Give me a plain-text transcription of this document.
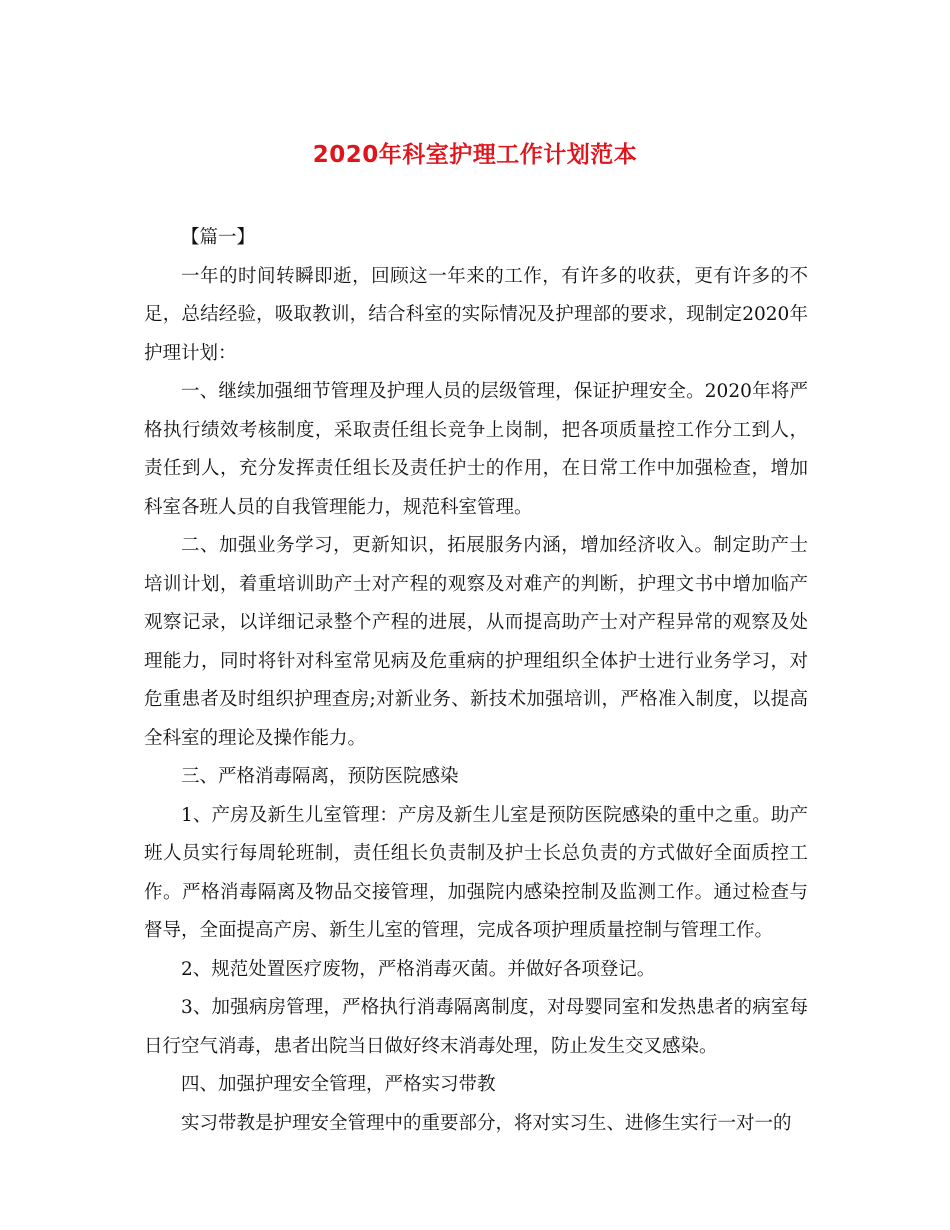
2020年科室护理工作计划范本

【篇一】

一年的时间转瞬即逝，回顾这一年来的工作，有许多的收获，更有许多的不足，总结经验，吸取教训，结合科室的实际情况及护理部的要求，现制定2020年护理计划：

一、继续加强细节管理及护理人员的层级管理，保证护理安全。2020年将严格执行绩效考核制度，采取责任组长竞争上岗制，把各项质量控工作分工到人，责任到人，充分发挥责任组长及责任护士的作用，在日常工作中加强检查，增加科室各班人员的自我管理能力，规范科室管理。

二、加强业务学习，更新知识，拓展服务内涵，增加经济收入。制定助产士培训计划，着重培训助产士对产程的观察及对难产的判断，护理文书中增加临产观察记录，以详细记录整个产程的进展，从而提高助产士对产程异常的观察及处理能力，同时将针对科室常见病及危重病的护理组织全体护士进行业务学习，对危重患者及时组织护理查房;对新业务、新技术加强培训，严格准入制度，以提高全科室的理论及操作能力。

三、严格消毒隔离，预防医院感染

1、产房及新生儿室管理：产房及新生儿室是预防医院感染的重中之重。助产班人员实行每周轮班制，责任组长负责制及护士长总负责的方式做好全面质控工作。严格消毒隔离及物品交接管理，加强院内感染控制及监测工作。通过检查与督导，全面提高产房、新生儿室的管理，完成各项护理质量控制与管理工作。

2、规范处置医疗废物，严格消毒灭菌。并做好各项登记。

3、加强病房管理，严格执行消毒隔离制度，对母婴同室和发热患者的病室每日行空气消毒，患者出院当日做好终末消毒处理，防止发生交叉感染。

四、加强护理安全管理，严格实习带教

实习带教是护理安全管理中的重要部分，将对实习生、进修生实行一对一的
